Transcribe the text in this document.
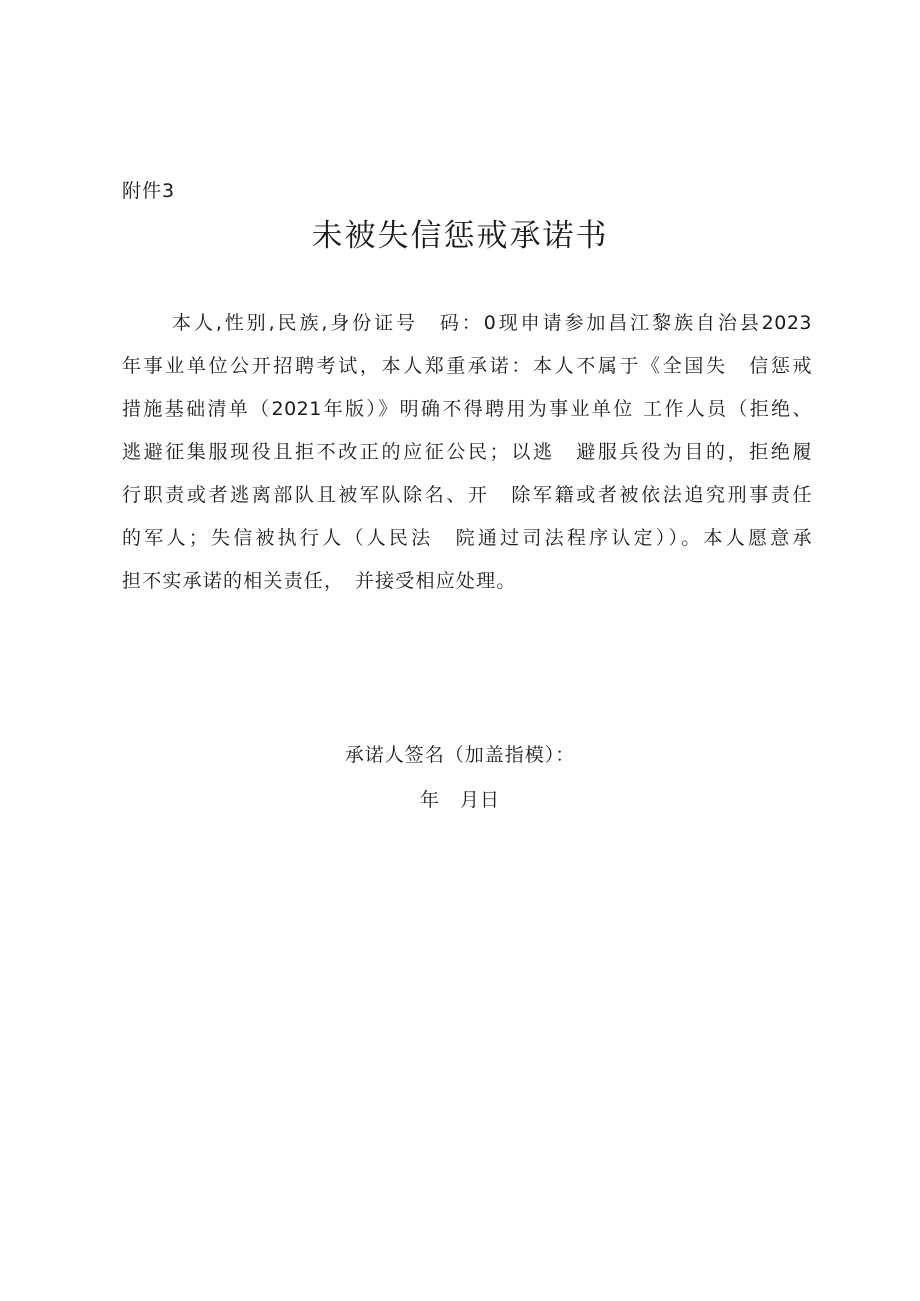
附件3
未被失信惩戒承诺书
本人,性别,民族,身份证号　码：0现申请参加昌江黎族自治县2023
年事业单位公开招聘考试，本人郑重承诺：本人不属于《全国失　信惩戒
措施基础清单（2021年版）》明确不得聘用为事业单位 工作人员（拒绝、
逃避征集服现役且拒不改正的应征公民；以逃　避服兵役为目的，拒绝履
行职责或者逃离部队且被军队除名、开　除军籍或者被依法追究刑事责任
的军人；失信被执行人（人民法　院通过司法程序认定））。本人愿意承
担不实承诺的相关责任，　并接受相应处理。
承诺人签名（加盖指模）：
年　月日
